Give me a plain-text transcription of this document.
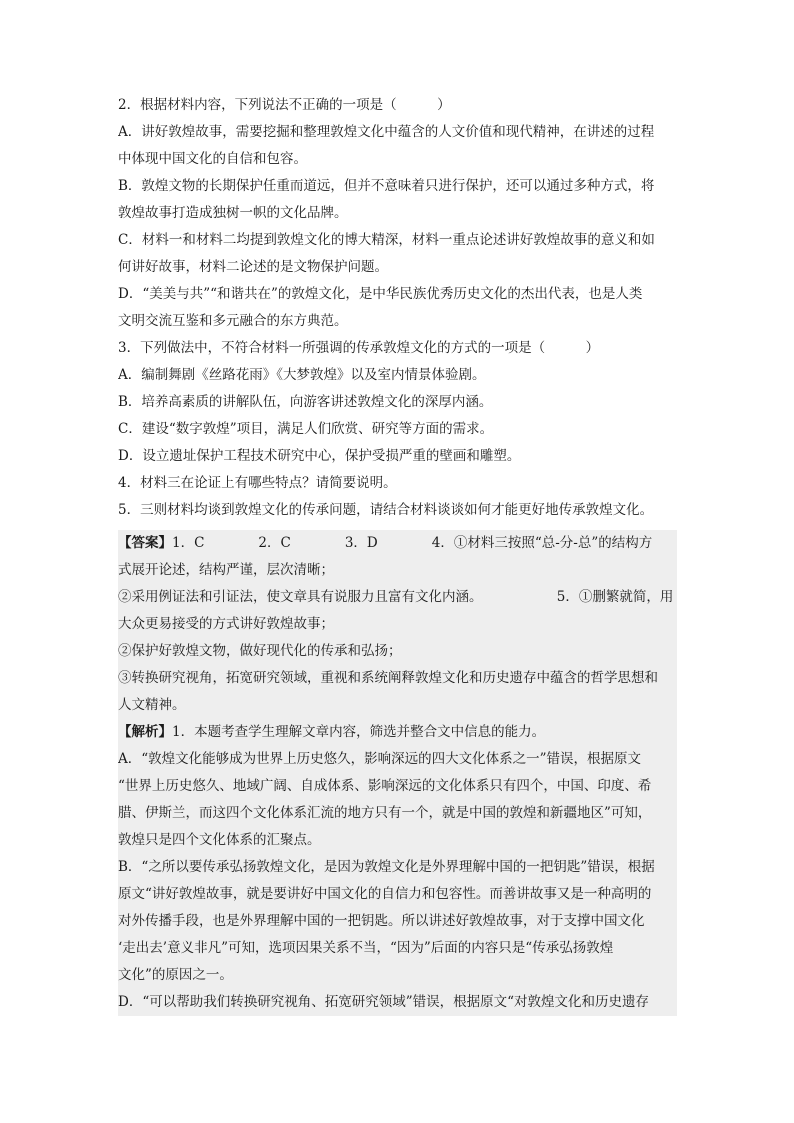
2．根据材料内容，下列说法不正确的一项是（　　　）
A．讲好敦煌故事，需要挖掘和整理敦煌文化中蕴含的人文价值和现代精神，在讲述的过程
中体现中国文化的自信和包容。
B．敦煌文物的长期保护任重而道远，但并不意味着只进行保护，还可以通过多种方式，将
敦煌故事打造成独树一帜的文化品牌。
C．材料一和材料二均提到敦煌文化的博大精深，材料一重点论述讲好敦煌故事的意义和如
何讲好故事，材料二论述的是文物保护问题。
D．“美美与共”“和谐共在”的敦煌文化，是中华民族优秀历史文化的杰出代表，也是人类
文明交流互鉴和多元融合的东方典范。
3．下列做法中，不符合材料一所强调的传承敦煌文化的方式的一项是（　　　）
A．编制舞剧《丝路花雨》《大梦敦煌》以及室内情景体验剧。
B．培养高素质的讲解队伍，向游客讲述敦煌文化的深厚内涵。
C．建设“数字敦煌”项目，满足人们欣赏、研究等方面的需求。
D．设立遗址保护工程技术研究中心，保护受损严重的壁画和雕塑。
4．材料三在论证上有哪些特点？请简要说明。
5．三则材料均谈到敦煌文化的传承问题，请结合材料谈谈如何才能更好地传承敦煌文化。
【答案】1．C　　　　2．C　　　　3．D　　　　4．①材料三按照“总-分-总”的结构方
式展开论述，结构严谨，层次清晰；
②采用例证法和引证法，使文章具有说服力且富有文化内涵。　　　　　　5．①删繁就简，用
大众更易接受的方式讲好敦煌故事；
②保护好敦煌文物，做好现代化的传承和弘扬；
③转换研究视角，拓宽研究领域，重视和系统阐释敦煌文化和历史遗存中蕴含的哲学思想和
人文精神。
【解析】1．本题考查学生理解文章内容，筛选并整合文中信息的能力。
A．“敦煌文化能够成为世界上历史悠久，影响深远的四大文化体系之一”错误，根据原文
“世界上历史悠久、地域广阔、自成体系、影响深远的文化体系只有四个，中国、印度、希
腊、伊斯兰，而这四个文化体系汇流的地方只有一个，就是中国的敦煌和新疆地区”可知，
敦煌只是四个文化体系的汇聚点。
B．“之所以要传承弘扬敦煌文化，是因为敦煌文化是外界理解中国的一把钥匙”错误，根据
原文“讲好敦煌故事，就是要讲好中国文化的自信力和包容性。而善讲故事又是一种高明的
对外传播手段，也是外界理解中国的一把钥匙。所以讲述好敦煌故事，对于支撑中国文化
‘走出去’意义非凡”可知，选项因果关系不当，“因为”后面的内容只是“传承弘扬敦煌
文化”的原因之一。
D．“可以帮助我们转换研究视角、拓宽研究领域”错误，根据原文“对敦煌文化和历史遗存
